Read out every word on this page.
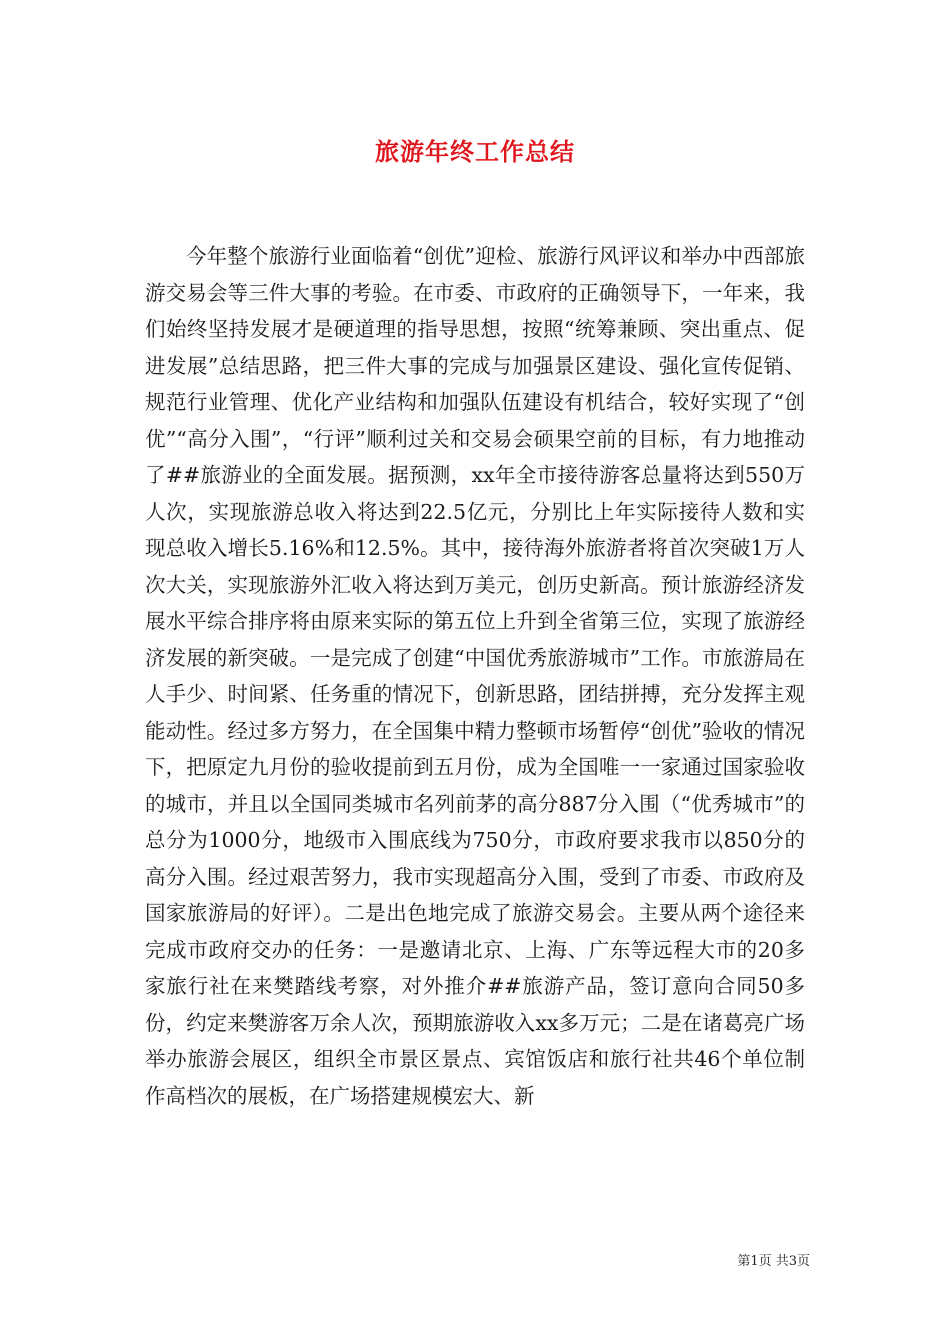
旅游年终工作总结

今年整个旅游行业面临着“创优”迎检、旅游行风评议和举办中西部旅游交易会等三件大事的考验。在市委、市政府的正确领导下，一年来，我们始终坚持发展才是硬道理的指导思想，按照“统筹兼顾、突出重点、促进发展”总结思路，把三件大事的完成与加强景区建设、强化宣传促销、规范行业管理、优化产业结构和加强队伍建设有机结合，较好实现了“创优”“高分入围”，“行评”顺利过关和交易会硕果空前的目标，有力地推动了##旅游业的全面发展。据预测，xx年全市接待游客总量将达到550万人次，实现旅游总收入将达到22.5亿元，分别比上年实际接待人数和实现总收入增长5.16%和12.5%。其中，接待海外旅游者将首次突破1万人次大关，实现旅游外汇收入将达到万美元，创历史新高。预计旅游经济发展水平综合排序将由原来实际的第五位上升到全省第三位，实现了旅游经济发展的新突破。一是完成了创建“中国优秀旅游城市”工作。市旅游局在人手少、时间紧、任务重的情况下，创新思路，团结拼搏，充分发挥主观能动性。经过多方努力，在全国集中精力整顿市场暂停“创优”验收的情况下，把原定九月份的验收提前到五月份，成为全国唯一一家通过国家验收的城市，并且以全国同类城市名列前茅的高分887分入围（“优秀城市”的总分为1000分，地级市入围底线为750分，市政府要求我市以850分的高分入围。经过艰苦努力，我市实现超高分入围，受到了市委、市政府及国家旅游局的好评）。二是出色地完成了旅游交易会。主要从两个途径来完成市政府交办的任务：一是邀请北京、上海、广东等远程大市的20多家旅行社在来樊踏线考察，对外推介##旅游产品，签订意向合同50多份，约定来樊游客万余人次，预期旅游收入xx多万元；二是在诸葛亮广场举办旅游会展区，组织全市景区景点、宾馆饭店和旅行社共46个单位制作高档次的展板，在广场搭建规模宏大、新

第1页 共3页
